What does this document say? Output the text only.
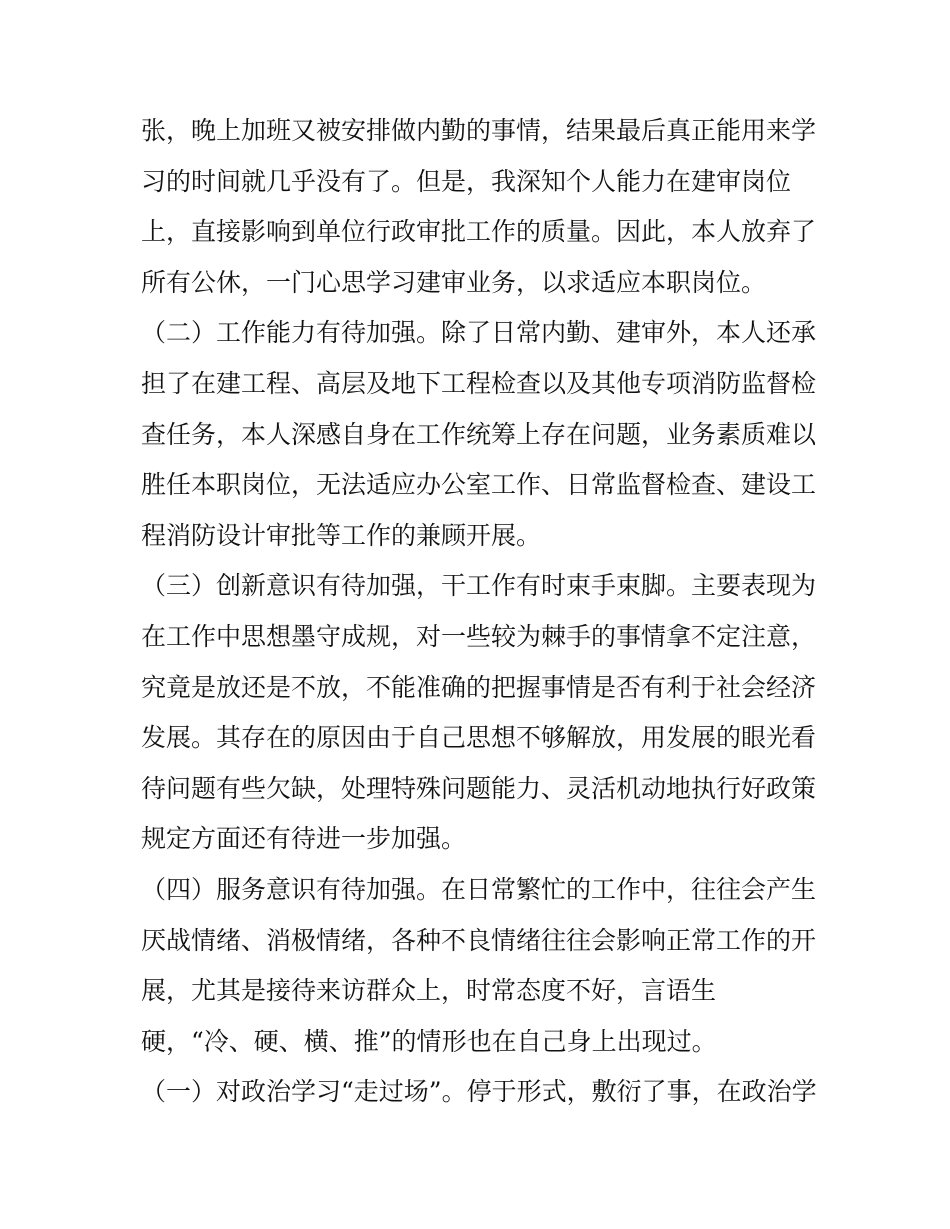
张，晚上加班又被安排做内勤的事情，结果最后真正能用来学

习的时间就几乎没有了。但是，我深知个人能力在建审岗位

上，直接影响到单位行政审批工作的质量。因此，本人放弃了

所有公休，一门心思学习建审业务，以求适应本职岗位。

（二）工作能力有待加强。除了日常内勤、建审外，本人还承

担了在建工程、高层及地下工程检查以及其他专项消防监督检

查任务，本人深感自身在工作统筹上存在问题，业务素质难以

胜任本职岗位，无法适应办公室工作、日常监督检查、建设工

程消防设计审批等工作的兼顾开展。

（三）创新意识有待加强，干工作有时束手束脚。主要表现为

在工作中思想墨守成规，对一些较为棘手的事情拿不定注意，

究竟是放还是不放，不能准确的把握事情是否有利于社会经济

发展。其存在的原因由于自己思想不够解放，用发展的眼光看

待问题有些欠缺，处理特殊问题能力、灵活机动地执行好政策

规定方面还有待进一步加强。

（四）服务意识有待加强。在日常繁忙的工作中，往往会产生

厌战情绪、消极情绪，各种不良情绪往往会影响正常工作的开

展，尤其是接待来访群众上，时常态度不好，言语生

硬，“冷、硬、横、推”的情形也在自己身上出现过。

（一）对政治学习“走过场”。停于形式，敷衍了事，在政治学
